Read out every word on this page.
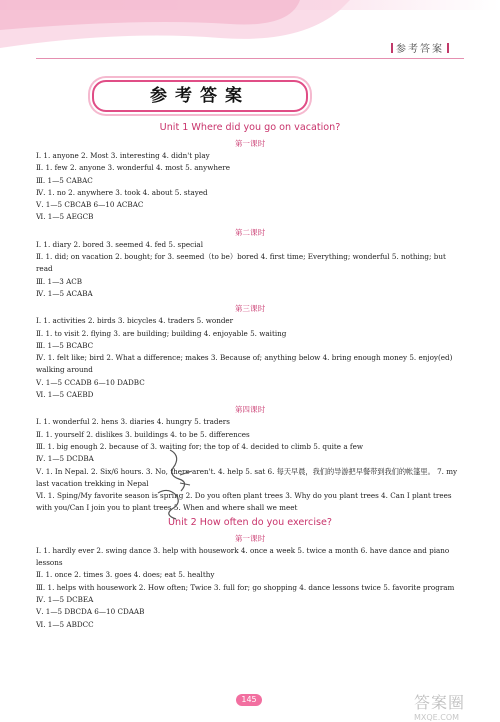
参考答案
参考答案
Unit 1 Where did you go on vacation?
第一课时
Ⅰ. 1. anyone 2. Most 3. interesting 4. didn't play
Ⅱ. 1. few 2. anyone 3. wonderful 4. most 5. anywhere
Ⅲ. 1—5 CABAC
Ⅳ. 1. no 2. anywhere 3. took 4. about 5. stayed
Ⅴ. 1—5 CBCAB 6—10 ACBAC
Ⅵ. 1—5 AEGCB
第二课时
Ⅰ. 1. diary 2. bored 3. seemed 4. fed 5. special
Ⅱ. 1. did; on vacation 2. bought; for 3. seemed（to be）bored 4. first time; Everything; wonderful 5. nothing; but read
Ⅲ. 1—3 ACB
Ⅳ. 1—5 ACABA
第三课时
Ⅰ. 1. activities 2. birds 3. bicycles 4. traders 5. wonder
Ⅱ. 1. to visit 2. flying 3. are building; building 4. enjoyable 5. waiting
Ⅲ. 1—5 BCABC
Ⅳ. 1. felt like; bird 2. What a difference; makes 3. Because of; anything below 4. bring enough money 5. enjoy(ed) walking around
Ⅴ. 1—5 CCADB 6—10 DADBC
Ⅵ. 1—5 CAEBD
第四课时
Ⅰ. 1. wonderful 2. hens 3. diaries 4. hungry 5. traders
Ⅱ. 1. yourself 2. dislikes 3. buildings 4. to be 5. differences
Ⅲ. 1. big enough 2. because of 3. waiting for; the top of 4. decided to climb 5. quite a few
Ⅳ. 1—5 DCDBA
Ⅴ. 1. In Nepal. 2. Six/6 hours. 3. No, there aren't. 4. help 5. sat 6. 每天早晨，我们的导游把早餐带到我们的帐篷里。 7. my last vacation trekking in Nepal
Ⅵ. 1. Sping/My favorite season is spring 2. Do you often plant trees 3. Why do you plant trees 4. Can I plant trees with you/Can I join you to plant trees 5. When and where shall we meet
Unit 2 How often do you exercise?
第一课时
Ⅰ. 1. hardly ever 2. swing dance 3. help with housework 4. once a week 5. twice a month 6. have dance and piano lessons
Ⅱ. 1. once 2. times 3. goes 4. does; eat 5. healthy
Ⅲ. 1. helps with housework 2. How often; Twice 3. full for; go shopping 4. dance lessons twice 5. favorite program
Ⅳ. 1—5 DCBEA
Ⅴ. 1—5 DBCDA 6—10 CDAAB
Ⅵ. 1—5 ABDCC
145	答案圈
MXQE.COM
